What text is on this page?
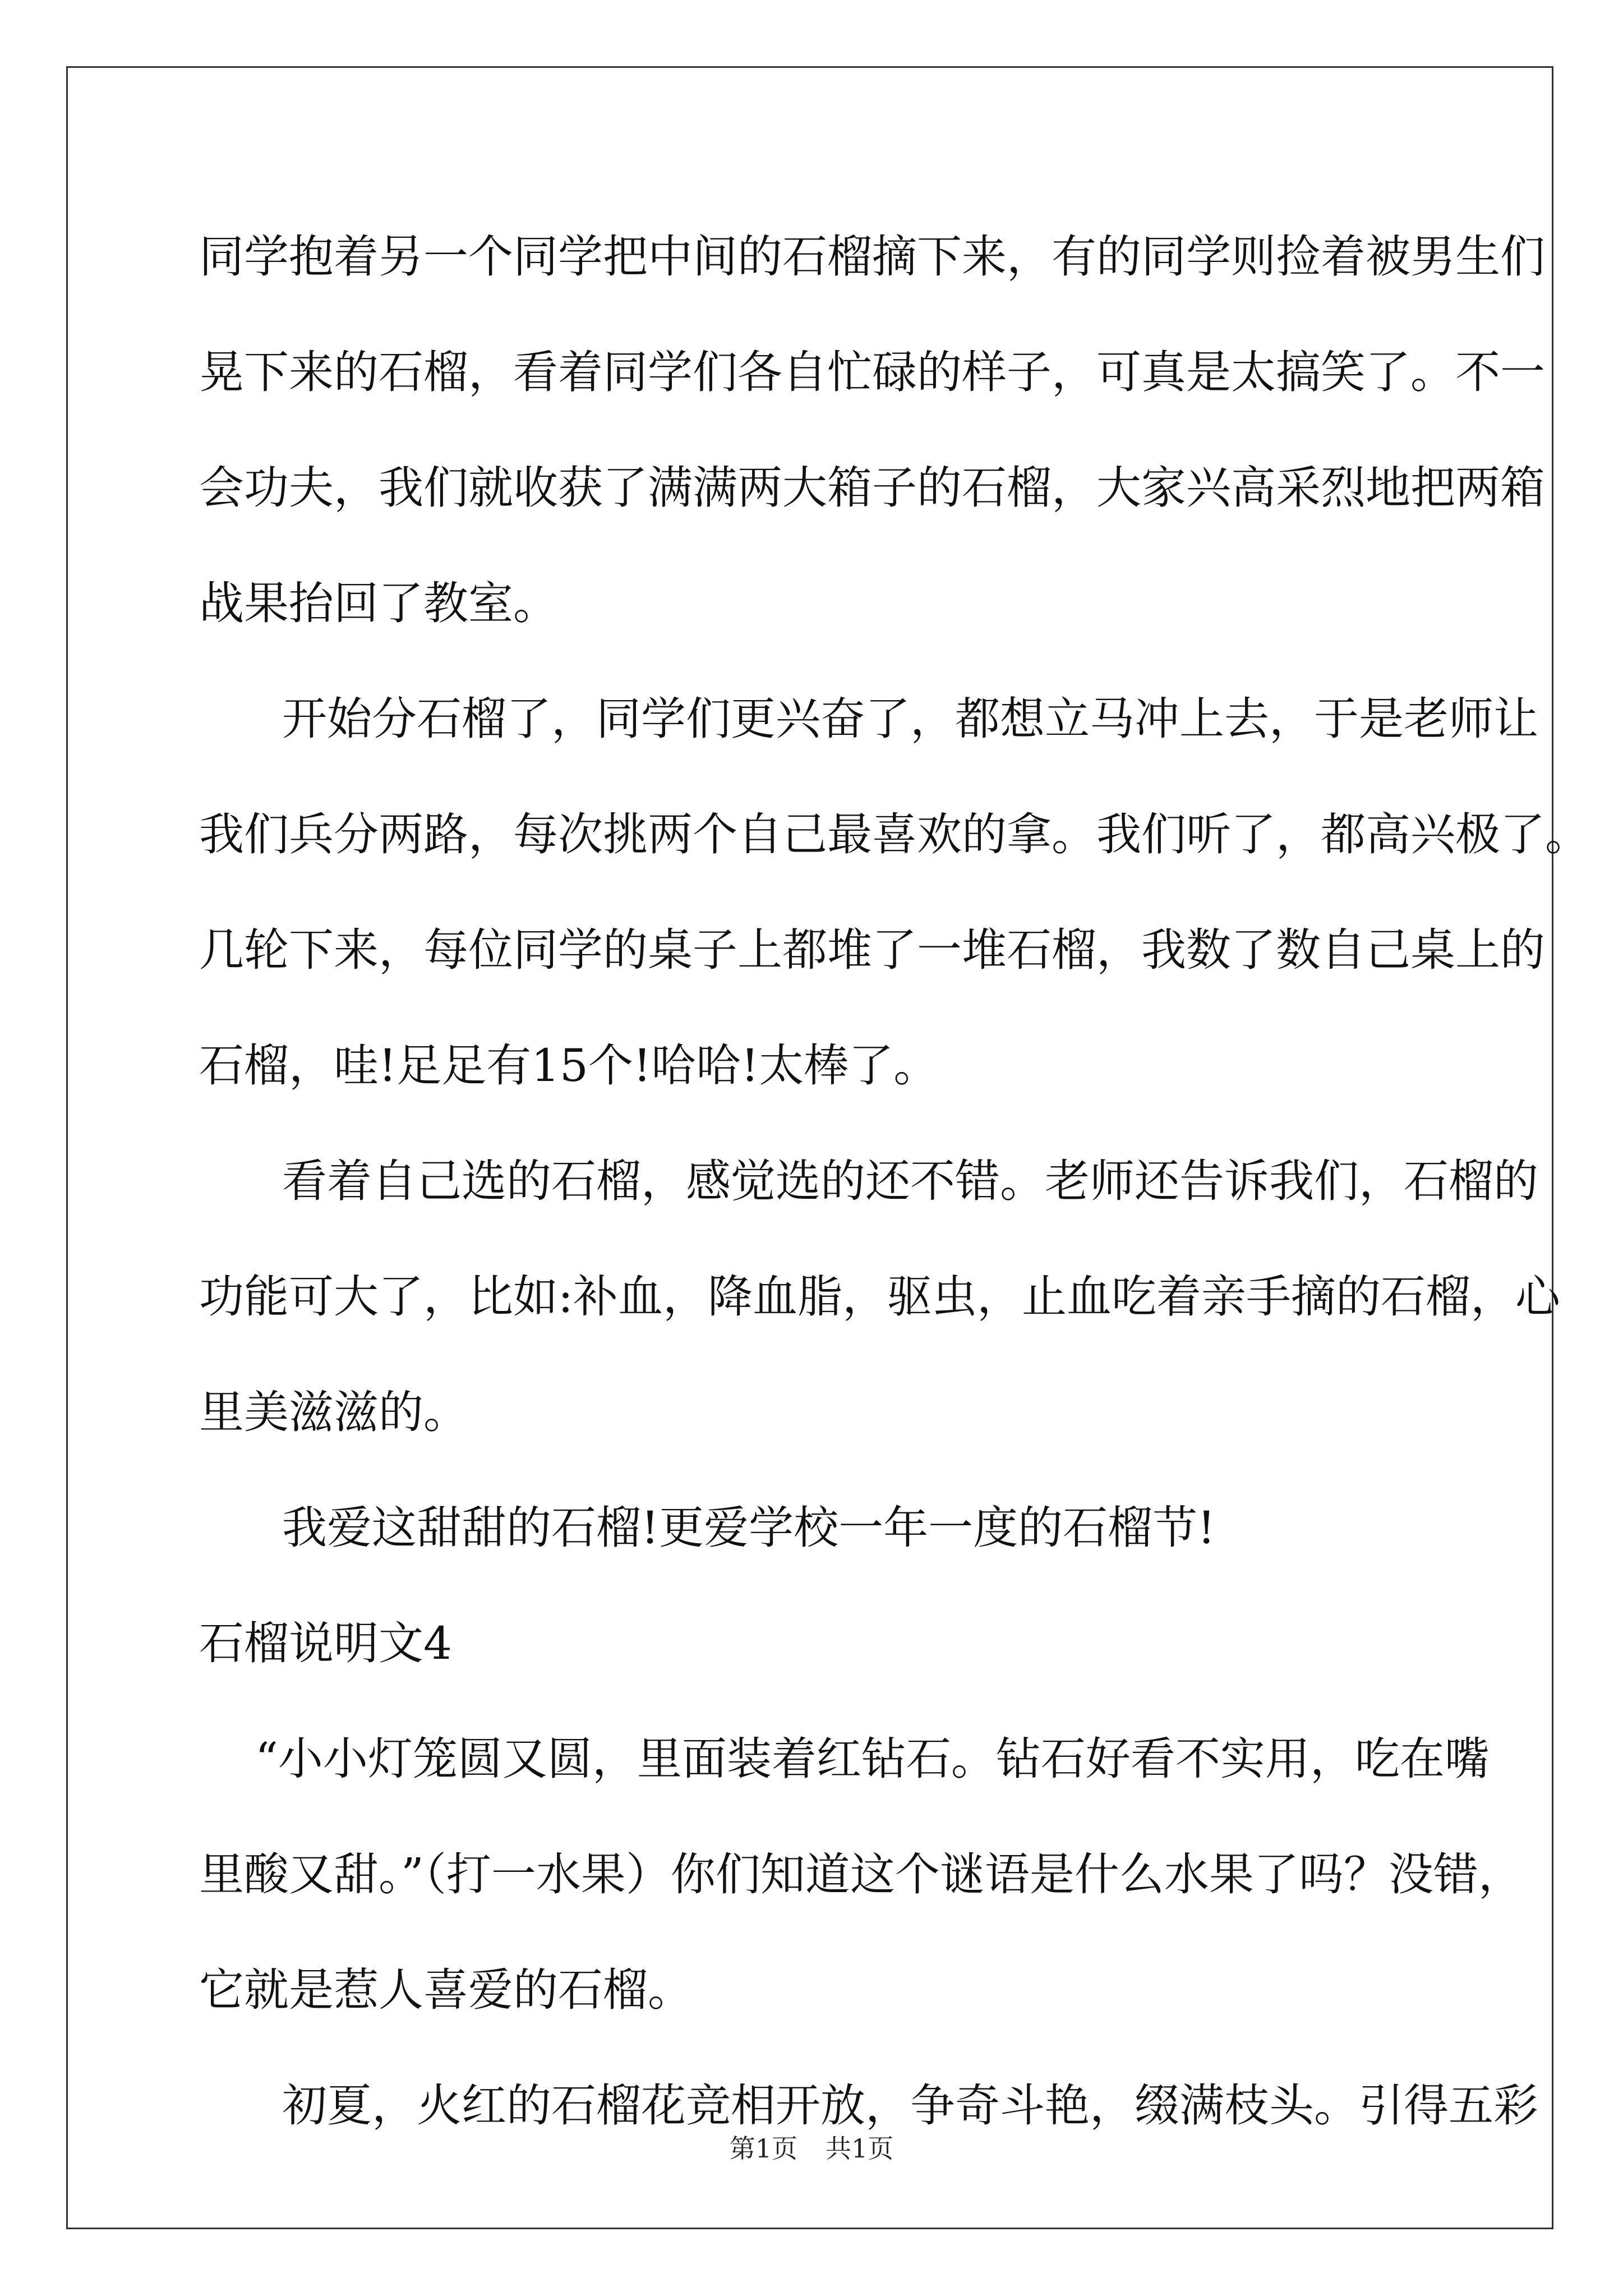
同学抱着另一个同学把中间的石榴摘下来，有的同学则捡着被男生们
晃下来的石榴，看着同学们各自忙碌的样子，可真是太搞笑了。不一
会功夫，我们就收获了满满两大箱子的石榴，大家兴高采烈地把两箱
战果抬回了教室。
开始分石榴了，同学们更兴奋了，都想立马冲上去，于是老师让
我们兵分两路，每次挑两个自己最喜欢的拿。我们听了，都高兴极了。
几轮下来，每位同学的桌子上都堆了一堆石榴，我数了数自己桌上的
石榴，哇!足足有15个!哈哈!太棒了。
看着自己选的石榴，感觉选的还不错。老师还告诉我们，石榴的
功能可大了，比如:补血，降血脂，驱虫，止血吃着亲手摘的石榴，心
里美滋滋的。
我爱这甜甜的石榴!更爱学校一年一度的石榴节!
石榴说明文4
“小小灯笼圆又圆，里面装着红钻石。钻石好看不实用，吃在嘴
里酸又甜。”（打一水果）你们知道这个谜语是什么水果了吗？没错，
它就是惹人喜爱的石榴。
初夏，火红的石榴花竞相开放，争奇斗艳，缀满枝头。引得五彩
第1页 共1页
